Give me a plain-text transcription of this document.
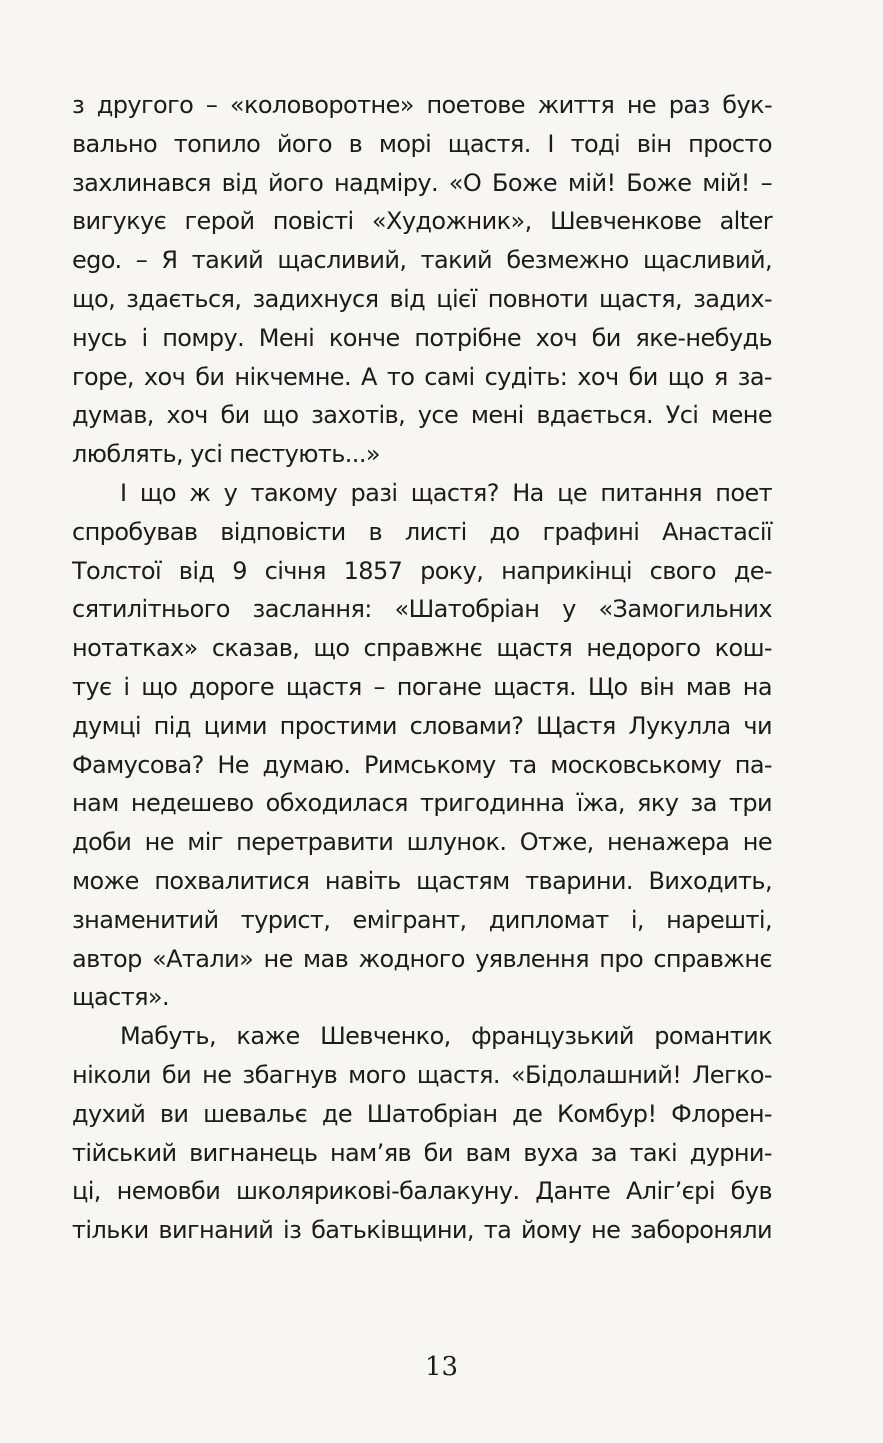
з другого – «коловоротне» поетове життя не раз бук-
вально топило його в морі щастя. І тоді він просто
захлинався від його надміру. «О Боже мій! Боже мій! –
вигукує герой повісті «Художник», Шевченкове alter
ego. – Я такий щасливий, такий безмежно щасливий,
що, здається, задихнуся від цієї повноти щастя, задих-
нусь і помру. Мені конче потрібне хоч би яке-небудь
горе, хоч би нікчемне. А то самі судіть: хоч би що я за-
думав, хоч би що захотів, усе мені вдається. Усі мене
люблять, усі пестують...»
І що ж у такому разі щастя? На це питання поет
спробував відповісти в листі до графині Анастасії
Толстої від 9 січня 1857 року, наприкінці свого де-
сятилітнього заслання: «Шатобріан у «Замогильних
нотатках» сказав, що справжнє щастя недорого кош-
тує і що дороге щастя – погане щастя. Що він мав на
думці під цими простими словами? Щастя Лукулла чи
Фамусова? Не думаю. Римському та московському па-
нам недешево обходилася тригодинна їжа, яку за три
доби не міг перетравити шлунок. Отже, ненажера не
може похвалитися навіть щастям тварини. Виходить,
знаменитий турист, емігрант, дипломат і, нарешті,
автор «Атали» не мав жодного уявлення про справжнє
щастя».
Мабуть, каже Шевченко, французький романтик
ніколи би не збагнув мого щастя. «Бідолашний! Легко-
духий ви шевальє де Шатобріан де Комбур! Флорен-
тійський вигнанець нам’яв би вам вуха за такі дурни-
ці, немовби школярикові-балакуну. Данте Аліг’єрі був
тільки вигнаний із батьківщини, та йому не забороняли
13
